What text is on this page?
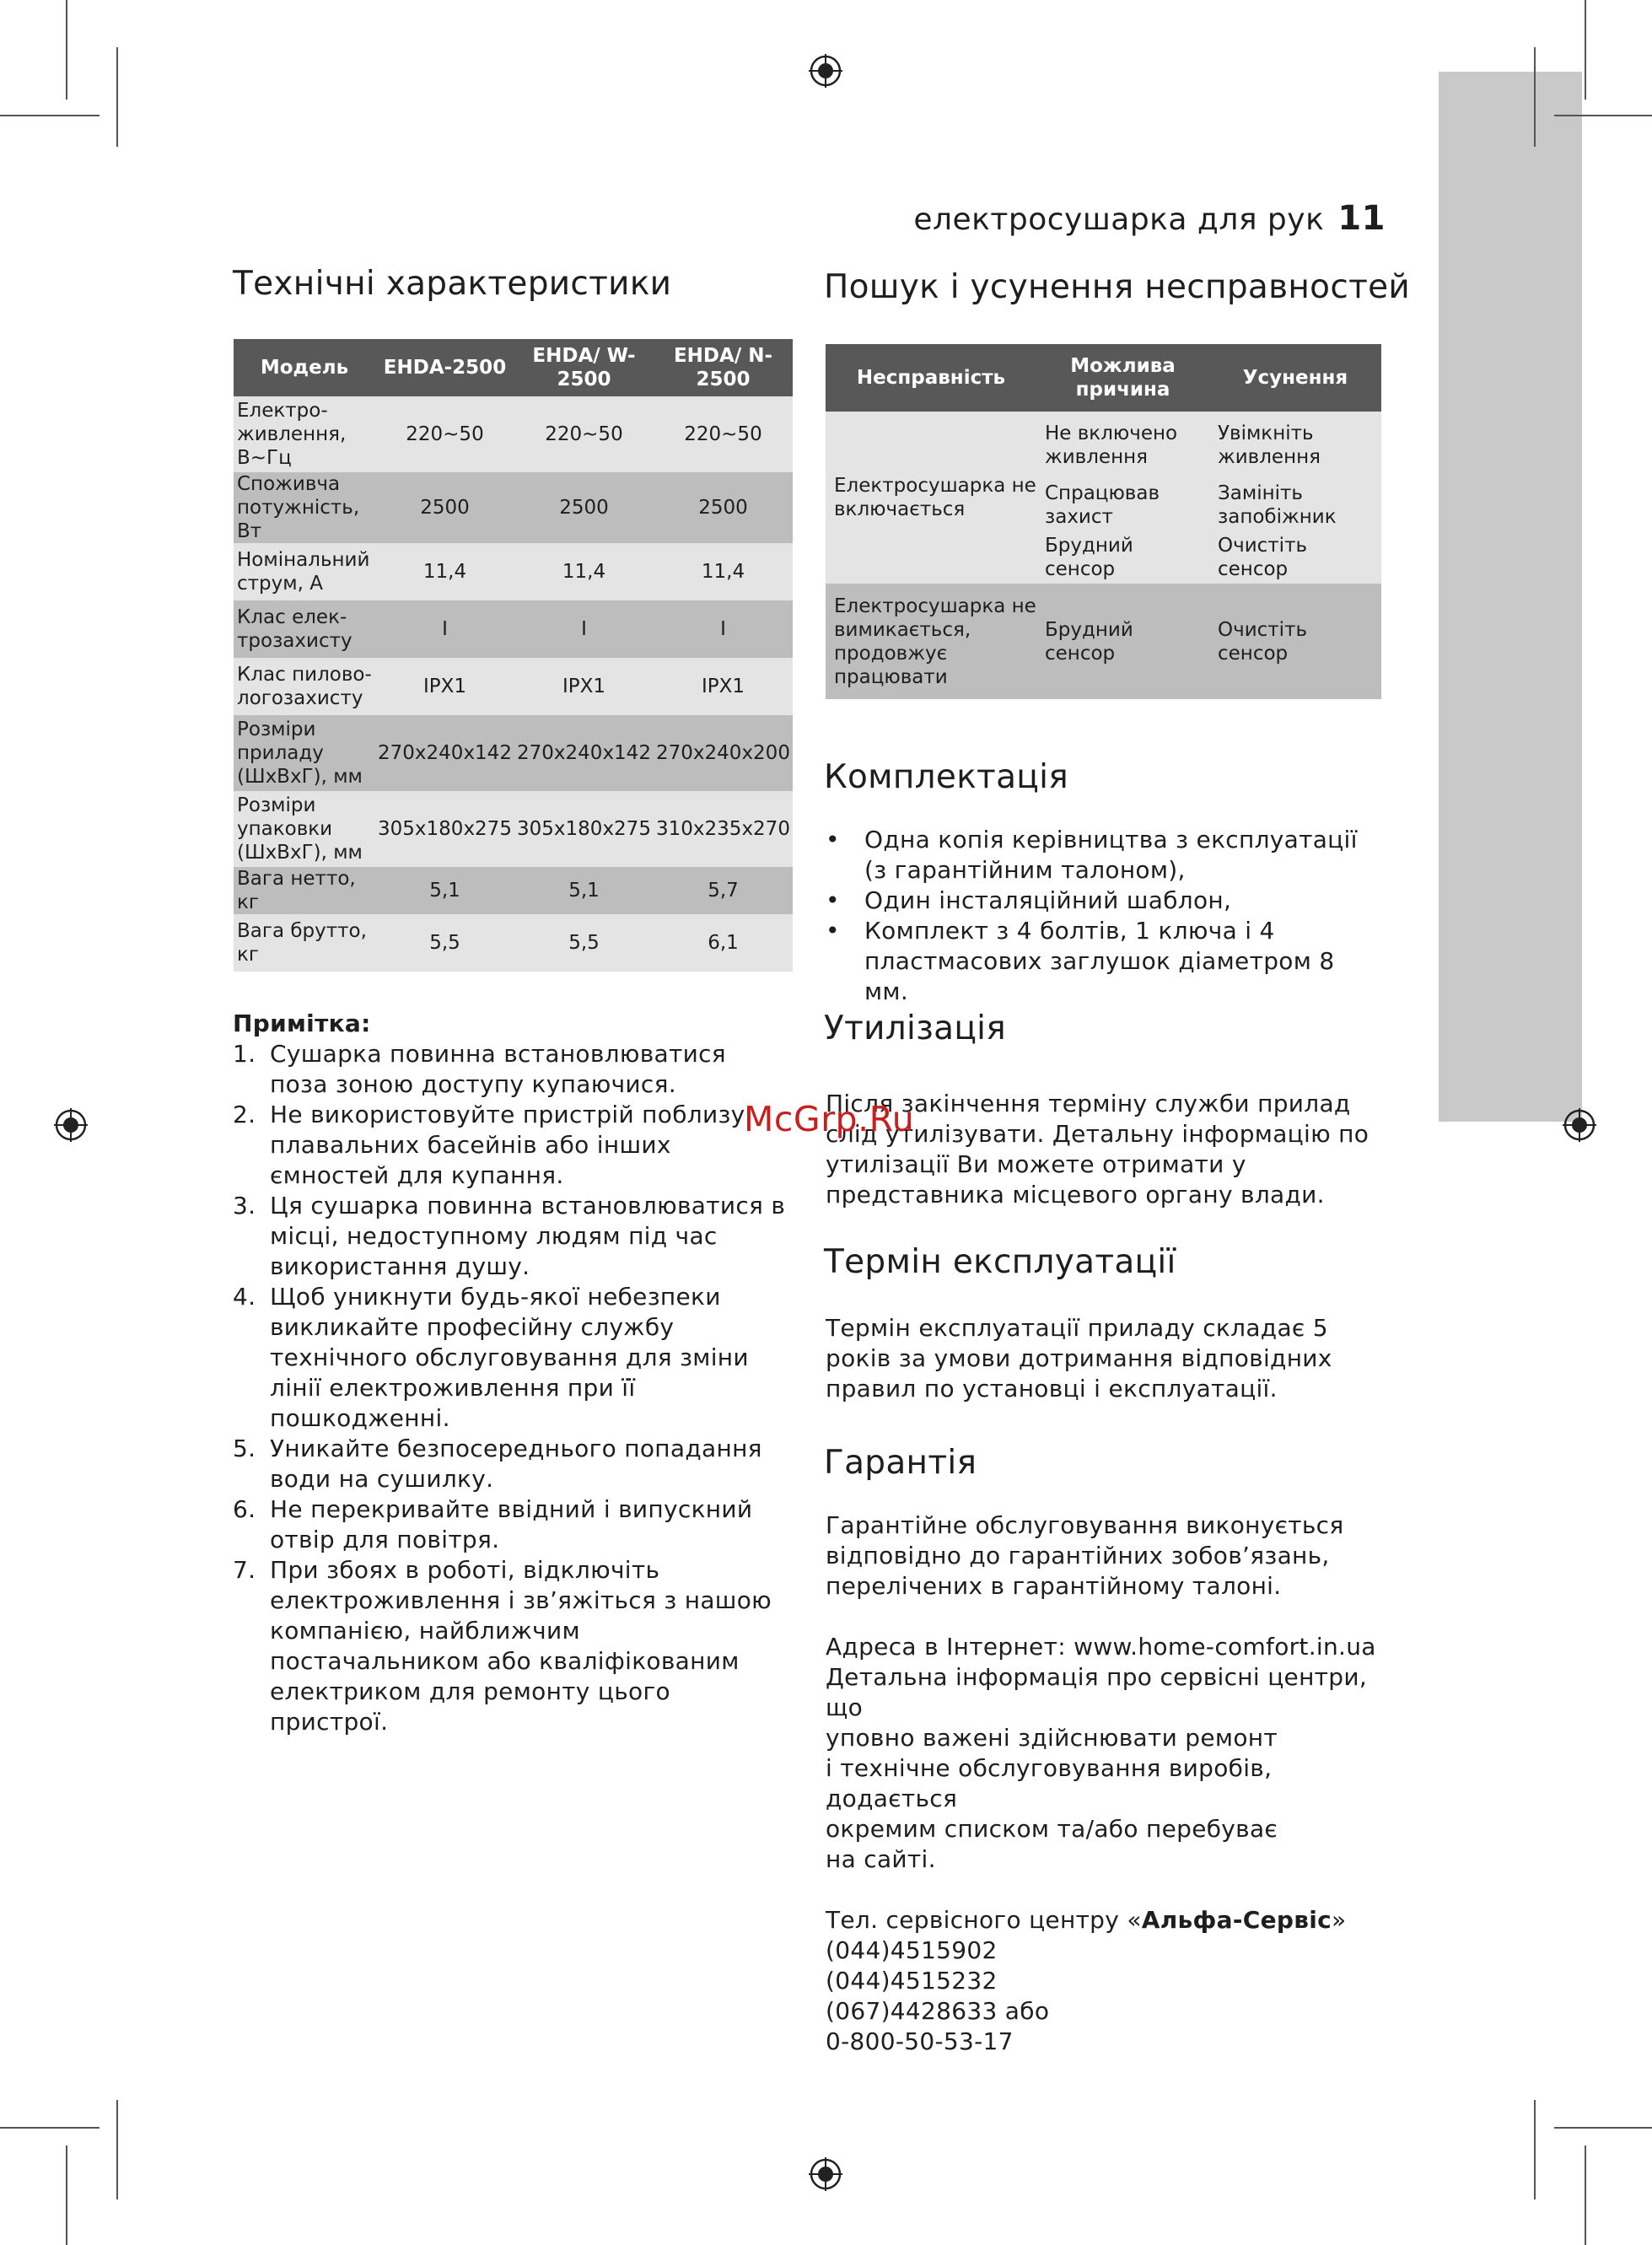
електросушарка для рук 11
Технічні характеристики
Модель	EHDA-2500	EHDA/ W-2500	EHDA/ N-2500
Електро- живлення, В~Гц	220~50	220~50	220~50
Споживча потужність, Вт	2500	2500	2500
Номінальний струм, А	11,4	11,4	11,4
Клас елек- трозахисту	I	I	I
Клас пилово- логозахисту	IPX1	IPX1	IPX1
Розміри приладу (ШхВхГ), мм	270x240x142	270x240x142	270x240x200
Розміри упаковки (ШхВхГ), мм	305x180x275	305x180x275	310x235x270
Вага нетто, кг	5,1	5,1	5,7
Вага брутто, кг	5,5	5,5	6,1
Примітка:
1. Сушарка повинна встановлюватися поза зоною доступу купаючися.
2. Не використовуйте пристрій поблизу плавальних басейнів або інших ємностей для купання.
3. Ця сушарка повинна встановлюватися в місці, недоступному людям під час використання душу.
4. Щоб уникнути будь-якої небезпеки викликайте професійну службу технічного обслуговування для зміни лінії електроживлення при її пошкодженні.
5. Уникайте безпосереднього попадання води на сушилку.
6. Не перекривайте ввідний і випускний отвір для повітря.
7. При збоях в роботі, відключіть електроживлення і зв’яжіться з нашою компанією, найближчим постачальником або кваліфікованим електриком для ремонту цього пристрої.
Пошук і усунення несправностей
Несправність	Можлива причина	Усунення
Електросушарка не включається	Не включено живлення	Увімкніть живлення
	Спрацював захист	Замініть запобіжник
	Брудний сенсор	Очистіть сенсор
Електросушарка не вимикається, продовжує працювати	Брудний сенсор	Очистіть сенсор
Комплектація
• Одна копія керівництва з експлуатації (з гарантійним талоном),
• Один інсталяційний шаблон,
• Комплект з 4 болтів, 1 ключа і 4 пластмасових заглушок діаметром 8 мм.
Утилізація
Після закінчення терміну служби прилад слід утилізувати. Детальну інформацію по утилізації Ви можете отримати у представника місцевого органу влади.
Термін експлуатації
Термін експлуатації приладу складає 5 років за умови дотримання відповідних правил по установці і експлуатації.
Гарантія

Гарантійне обслуговування виконується відповідно до гарантійних зобов’язань, перелічених в гарантійному талоні.

Адреса в Інтернет: www.home-comfort.in.ua
Детальна інформація про сервісні центри, що
уповно важені здійснювати ремонт
і технічне обслуговування виробів, додається
окремим списком та/або перебуває
на сайті.
Тел. сервісного центру «Альфа-Сервіс»
(044)4515902
(044)4515232
(067)4428633 або
0-800-50-53-17
McGrp.Ru
